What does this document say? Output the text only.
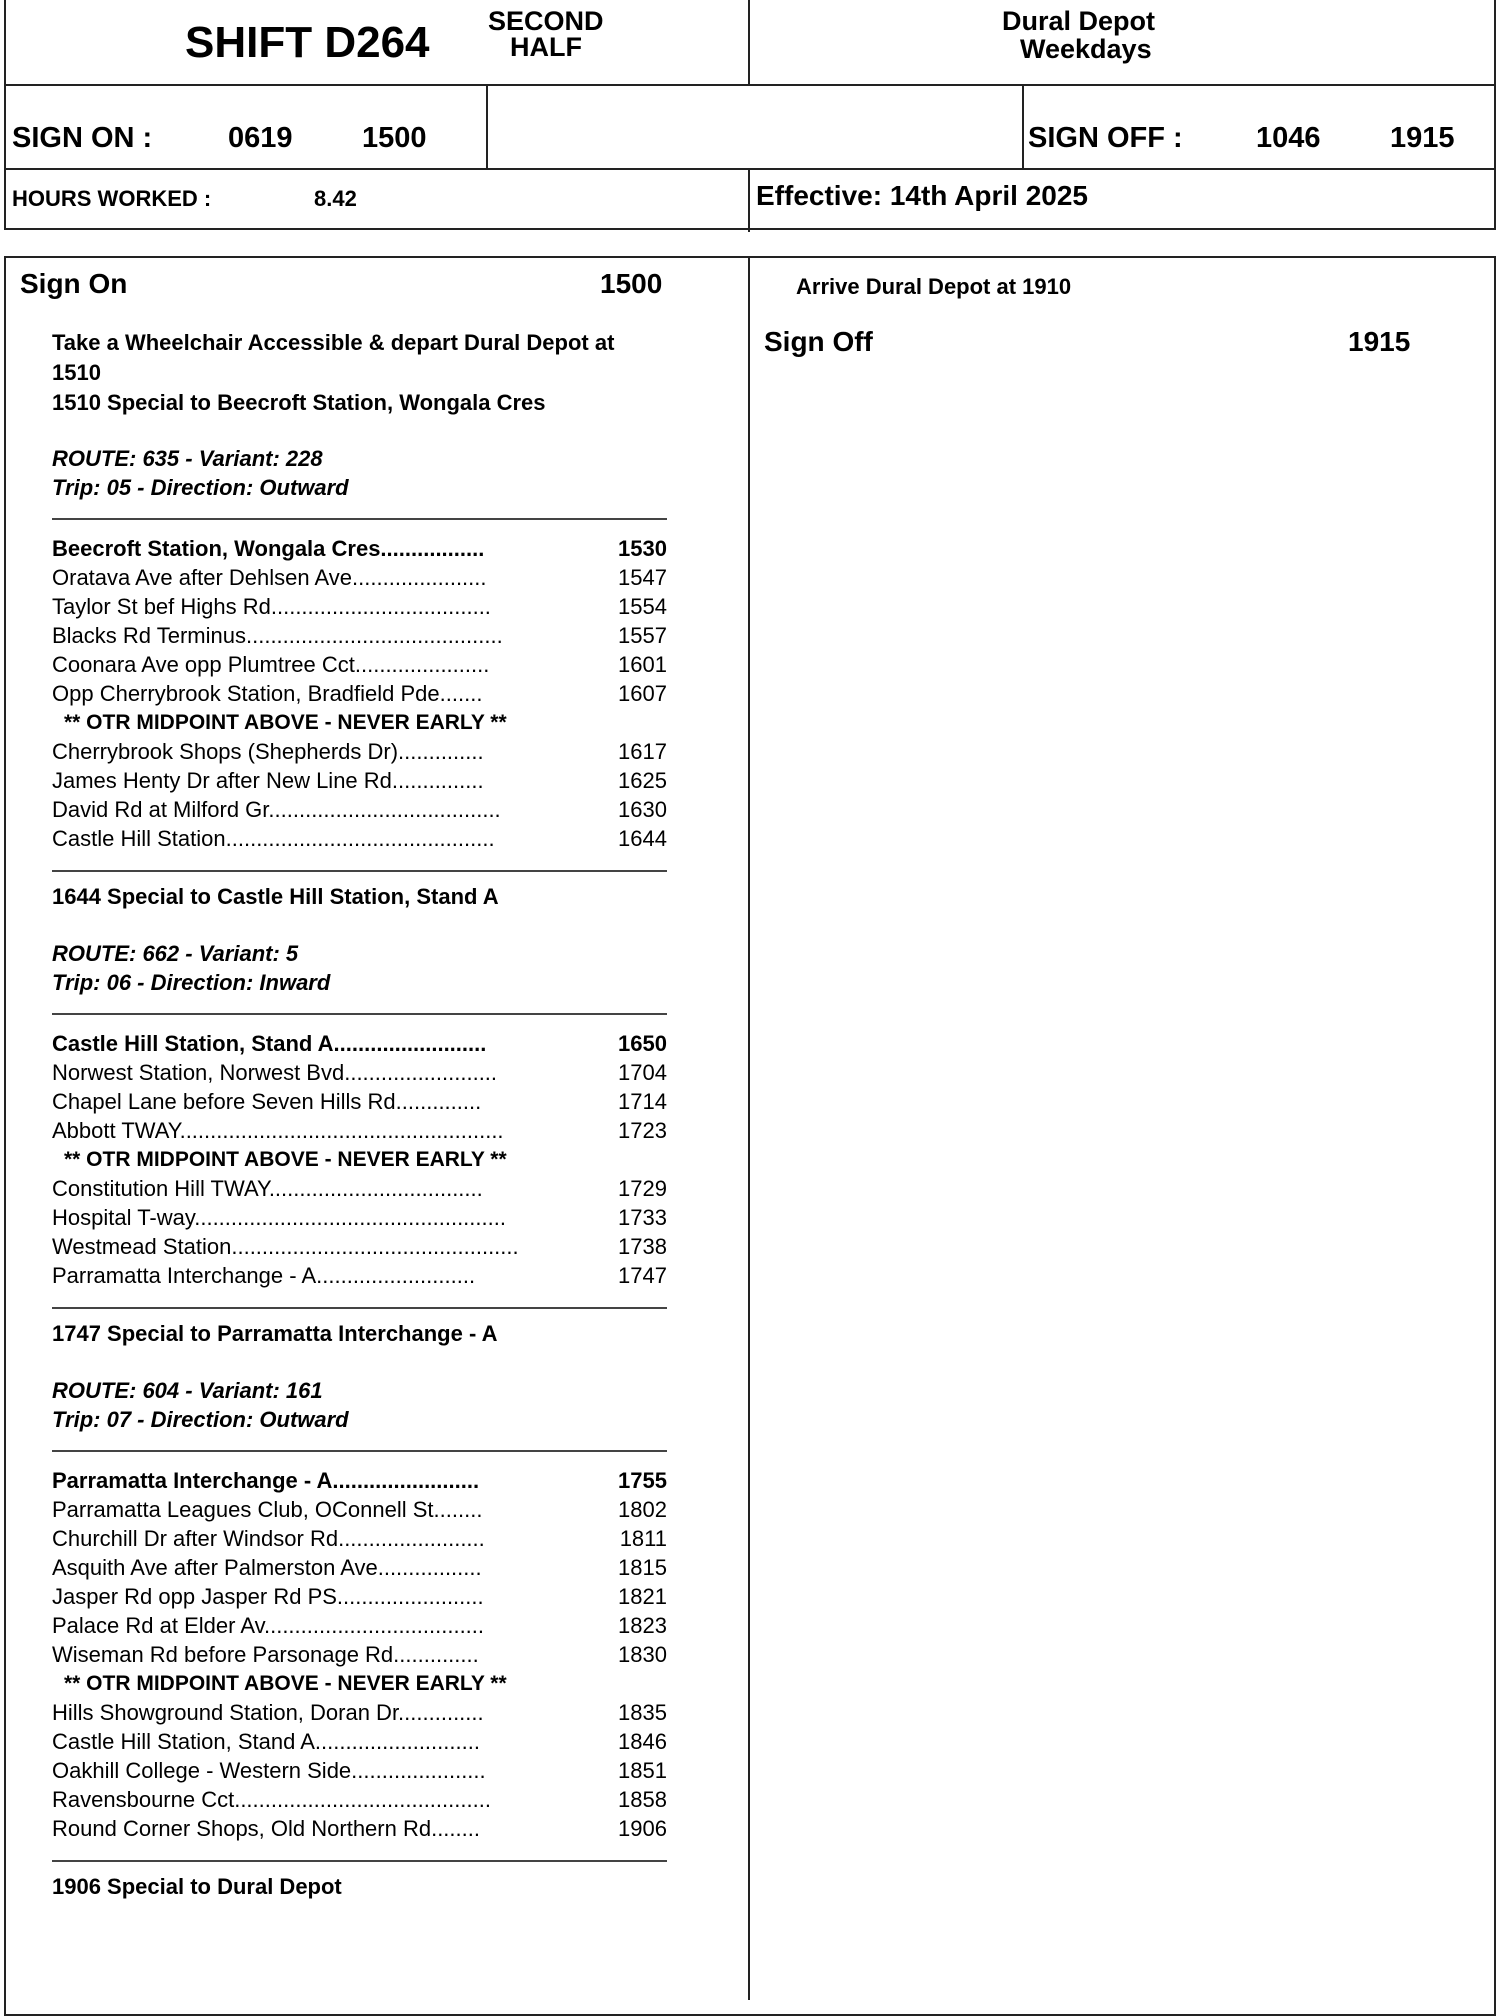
SHIFT D264 SECOND
HALF
Dural Depot
Weekdays
SIGN ON :	0619 1500	SIGN OFF :	1046 1915
HOURS WORKED :	8.42	Effective: 14th April 2025
Sign On	1500
Take a Wheelchair Accessible & depart Dural Depot at
1510
1510 Special to Beecroft Station, Wongala Cres
ROUTE: 635 - Variant: 228
Trip: 05 - Direction: Outward
Beecroft Station, Wongala Cres.................	1530
Oratava Ave after Dehlsen Ave......................	1547
Taylor St bef Highs Rd....................................	1554
Blacks Rd Terminus..........................................	1557
Coonara Ave opp Plumtree Cct......................	1601
Opp Cherrybrook Station, Bradfield Pde.......	1607
** OTR MIDPOINT ABOVE - NEVER EARLY **
Cherrybrook Shops (Shepherds Dr)..............	1617
James Henty Dr after New Line Rd...............	1625
David Rd at Milford Gr......................................	1630
Castle Hill Station............................................	1644
1644 Special to Castle Hill Station, Stand A
ROUTE: 662 - Variant: 5
Trip: 06 - Direction: Inward
Castle Hill Station, Stand A.........................	1650
Norwest Station, Norwest Bvd.........................	1704
Chapel Lane before Seven Hills Rd..............	1714
Abbott TWAY.....................................................	1723
** OTR MIDPOINT ABOVE - NEVER EARLY **
Constitution Hill TWAY...................................	1729
Hospital T-way...................................................	1733
Westmead Station...............................................	1738
Parramatta Interchange - A..........................	1747
1747 Special to Parramatta Interchange - A
ROUTE: 604 - Variant: 161
Trip: 07 - Direction: Outward
Parramatta Interchange - A........................	1755
Parramatta Leagues Club, OConnell St........	1802
Churchill Dr after Windsor Rd........................	1811
Asquith Ave after Palmerston Ave.................	1815
Jasper Rd opp Jasper Rd PS........................	1821
Palace Rd at Elder Av....................................	1823
Wiseman Rd before Parsonage Rd..............	1830
** OTR MIDPOINT ABOVE - NEVER EARLY **
Hills Showground Station, Doran Dr..............	1835
Castle Hill Station, Stand A...........................	1846
Oakhill College - Western Side......................	1851
Ravensbourne Cct..........................................	1858
Round Corner Shops, Old Northern Rd........	1906
1906 Special to Dural Depot
Arrive Dural Depot at 1910
Sign Off	1915
